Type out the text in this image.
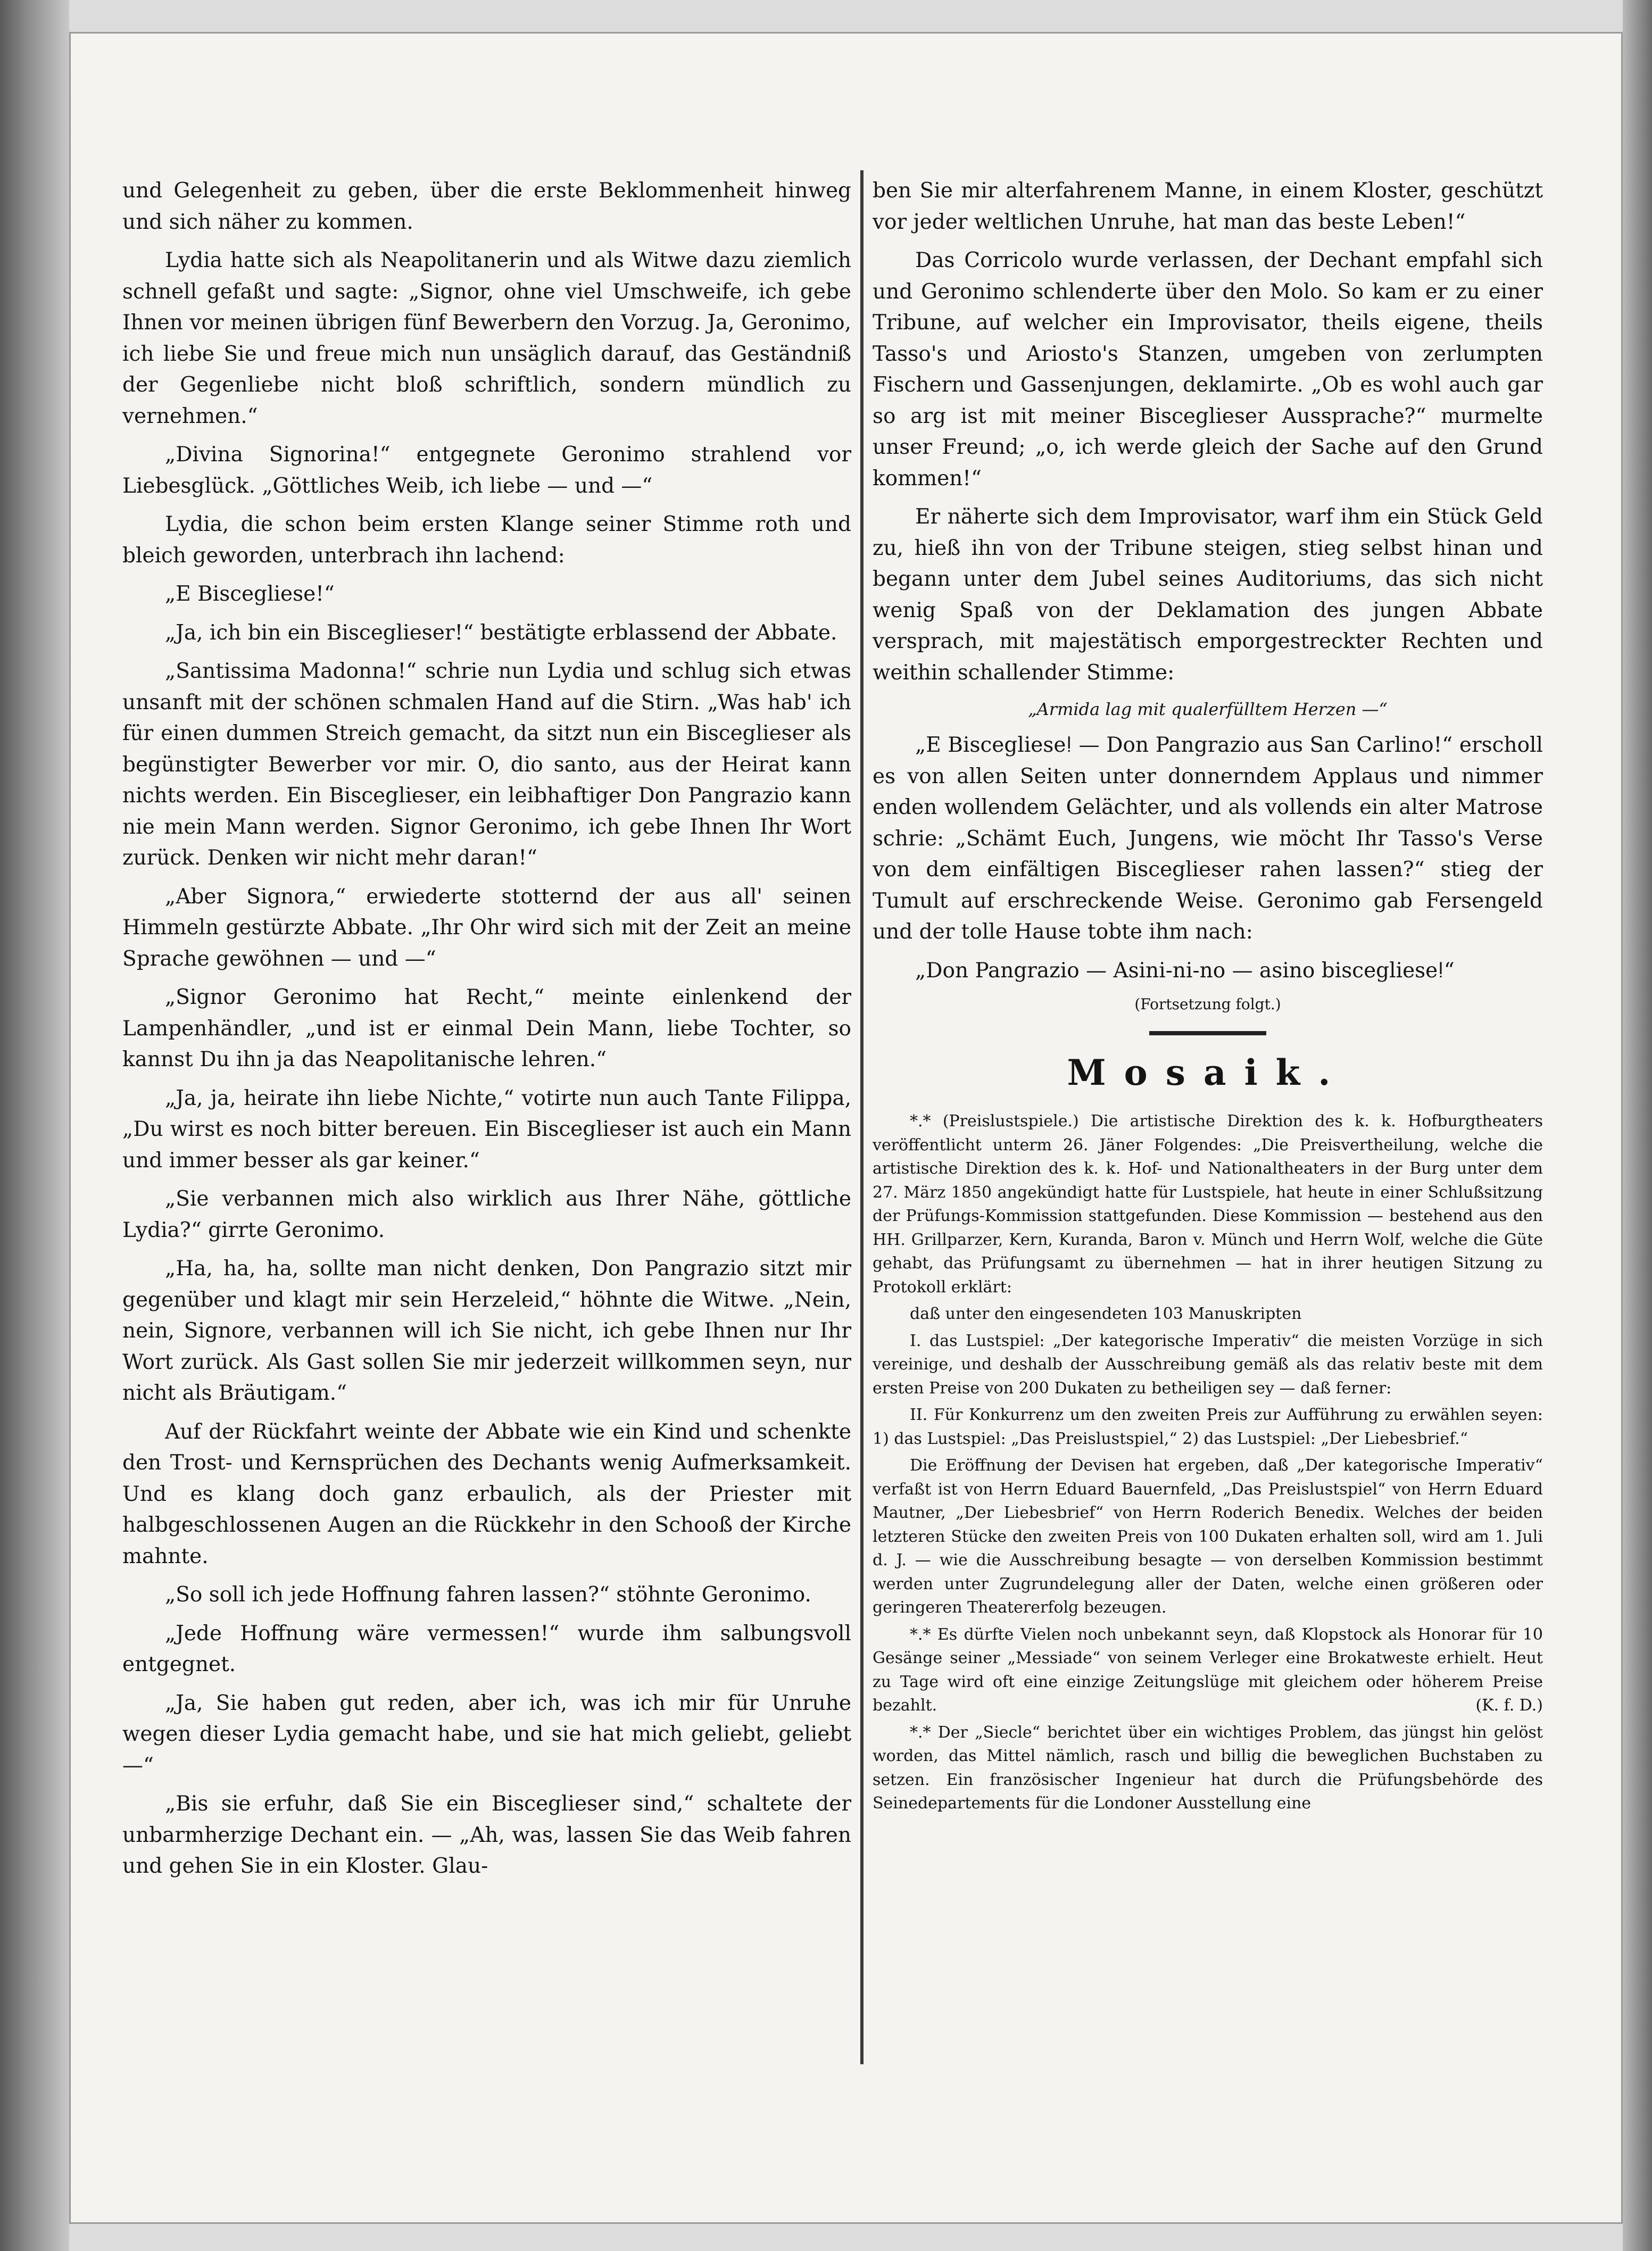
und Gelegenheit zu geben, über die erste Beklommenheit hinweg und sich näher zu kommen.

Lydia hatte sich als Neapolitanerin und als Witwe dazu ziemlich schnell gefaßt und sagte: „Signor, ohne viel Umschweife, ich gebe Ihnen vor meinen übrigen fünf Bewerbern den Vorzug. Ja, Geronimo, ich liebe Sie und freue mich nun unsäglich darauf, das Geständniß der Gegenliebe nicht bloß schriftlich, sondern mündlich zu vernehmen.“

„Divina Signorina!“ entgegnete Geronimo strahlend vor Liebesglück. „Göttliches Weib, ich liebe — und —“

Lydia, die schon beim ersten Klange seiner Stimme roth und bleich geworden, unterbrach ihn lachend:

„E Biscegliese!“

„Ja, ich bin ein Bisceglieser!“ bestätigte erblassend der Abbate.

„Santissima Madonna!“ schrie nun Lydia und schlug sich etwas unsanft mit der schönen schmalen Hand auf die Stirn. „Was hab' ich für einen dummen Streich gemacht, da sitzt nun ein Bisceglieser als begünstigter Bewerber vor mir. O, dio santo, aus der Heirat kann nichts werden. Ein Bisceglieser, ein leibhaftiger Don Pangrazio kann nie mein Mann werden. Signor Geronimo, ich gebe Ihnen Ihr Wort zurück. Denken wir nicht mehr daran!“

„Aber Signora,“ erwiederte stotternd der aus all' seinen Himmeln gestürzte Abbate. „Ihr Ohr wird sich mit der Zeit an meine Sprache gewöhnen — und —“

„Signor Geronimo hat Recht,“ meinte einlenkend der Lampenhändler, „und ist er einmal Dein Mann, liebe Tochter, so kannst Du ihn ja das Neapolitanische lehren.“

„Ja, ja, heirate ihn liebe Nichte,“ votirte nun auch Tante Filippa, „Du wirst es noch bitter bereuen. Ein Bisceglieser ist auch ein Mann und immer besser als gar keiner.“

„Sie verbannen mich also wirklich aus Ihrer Nähe, göttliche Lydia?“ girrte Geronimo.

„Ha, ha, ha, sollte man nicht denken, Don Pangrazio sitzt mir gegenüber und klagt mir sein Herzeleid,“ höhnte die Witwe. „Nein, nein, Signore, verbannen will ich Sie nicht, ich gebe Ihnen nur Ihr Wort zurück. Als Gast sollen Sie mir jederzeit willkommen seyn, nur nicht als Bräutigam.“

Auf der Rückfahrt weinte der Abbate wie ein Kind und schenkte den Trost- und Kernsprüchen des Dechants wenig Aufmerksamkeit. Und es klang doch ganz erbaulich, als der Priester mit halbgeschlossenen Augen an die Rückkehr in den Schooß der Kirche mahnte.

„So soll ich jede Hoffnung fahren lassen?“ stöhnte Geronimo.

„Jede Hoffnung wäre vermessen!“ wurde ihm salbungsvoll entgegnet.

„Ja, Sie haben gut reden, aber ich, was ich mir für Unruhe wegen dieser Lydia gemacht habe, und sie hat mich geliebt, geliebt —“

„Bis sie erfuhr, daß Sie ein Bisceglieser sind,“ schaltete der unbarmherzige Dechant ein. — „Ah, was, lassen Sie das Weib fahren und gehen Sie in ein Kloster. Glau-

ben Sie mir alterfahrenem Manne, in einem Kloster, geschützt vor jeder weltlichen Unruhe, hat man das beste Leben!“

Das Corricolo wurde verlassen, der Dechant empfahl sich und Geronimo schlenderte über den Molo. So kam er zu einer Tribune, auf welcher ein Improvisator, theils eigene, theils Tasso's und Ariosto's Stanzen, umgeben von zerlumpten Fischern und Gassenjungen, deklamirte. „Ob es wohl auch gar so arg ist mit meiner Bisceglieser Aussprache?“ murmelte unser Freund; „o, ich werde gleich der Sache auf den Grund kommen!“

Er näherte sich dem Improvisator, warf ihm ein Stück Geld zu, hieß ihn von der Tribune steigen, stieg selbst hinan und begann unter dem Jubel seines Auditoriums, das sich nicht wenig Spaß von der Deklamation des jungen Abbate versprach, mit majestätisch emporgestreckter Rechten und weithin schallender Stimme:

„Armida lag mit qualerfülltem Herzen —“

„E Bisceglieseǃ — Don Pangrazio aus San Carlino!“ erscholl es von allen Seiten unter donnerndem Applaus und nimmer enden wollendem Gelächter, und als vollends ein alter Matrose schrie: „Schämt Euch, Jungens, wie möcht Ihr Tasso's Verse von dem einfältigen Bisceglieser rahen lassen?“ stieg der Tumult auf erschreckende Weise. Geronimo gab Fersengeld und der tolle Hause tobte ihm nach:

„Don Pangrazio — Asini-ni-no — asino bisceglieseǃ“

(Fortsetzung folgt.)
Mosaik.

*.* (Preislustspiele.) Die artistische Direktion des k. k. Hofburgtheaters veröffentlicht unterm 26. Jäner Folgendes: „Die Preisvertheilung, welche die artistische Direktion des k. k. Hof- und Nationaltheaters in der Burg unter dem 27. März 1850 angekündigt hatte für Lustspiele, hat heute in einer Schlußsitzung der Prüfungs-Kommission stattgefunden. Diese Kommission — bestehend aus den HH. Grillparzer, Kern, Kuranda, Baron v. Münch und Herrn Wolf, welche die Güte gehabt, das Prüfungsamt zu übernehmen — hat in ihrer heutigen Sitzung zu Protokoll erklärt:

daß unter den eingesendeten 103 Manuskripten

I. das Lustspiel: „Der kategorische Imperativ“ die meisten Vorzüge in sich vereinige, und deshalb der Ausschreibung gemäß als das relativ beste mit dem ersten Preise von 200 Dukaten zu betheiligen sey — daß ferner:

II. Für Konkurrenz um den zweiten Preis zur Aufführung zu erwählen seyen: 1) das Lustspiel: „Das Preislustspiel,“ 2) das Lustspiel: „Der Liebesbrief.“

Die Eröffnung der Devisen hat ergeben, daß „Der kategorische Imperativ“ verfaßt ist von Herrn Eduard Bauernfeld, „Das Preislustspiel“ von Herrn Eduard Mautner, „Der Liebesbrief“ von Herrn Roderich Benedix. Welches der beiden letzteren Stücke den zweiten Preis von 100 Dukaten erhalten soll, wird am 1. Juli d. J. — wie die Ausschreibung besagte — von derselben Kommission bestimmt werden unter Zugrundelegung aller der Daten, welche einen größeren oder geringeren Theatererfolg bezeugen.

*.* Es dürfte Vielen noch unbekannt seyn, daß Klopstock als Honorar für 10 Gesänge seiner „Messiade“ von seinem Verleger eine Brokatweste erhielt. Heut zu Tage wird oft eine einzige Zeitungslüge mit gleichem oder höherem Preise bezahlt.	(K. f. D.)

*.* Der „Siecle“ berichtet über ein wichtiges Problem, das jüngst hin gelöst worden, das Mittel nämlich, rasch und billig die beweglichen Buchstaben zu setzen. Ein französischer Ingenieur hat durch die Prüfungsbehörde des Seinedepartements für die Londoner Ausstellung eine
